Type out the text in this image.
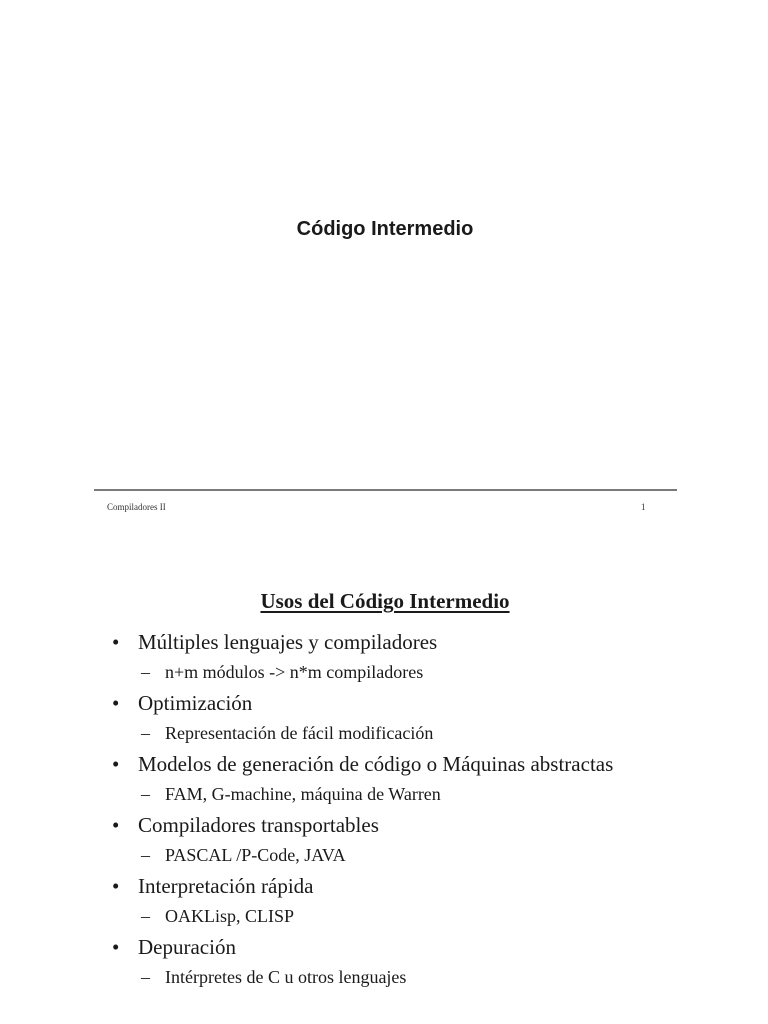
Código Intermedio
Compiladores II	1
Usos del Código Intermedio
• Múltiples lenguajes y compiladores
– n+m módulos -> n*m compiladores
• Optimización
– Representación de fácil modificación
• Modelos de generación de código o Máquinas abstractas
– FAM, G-machine, máquina de Warren
• Compiladores transportables
– PASCAL /P-Code, JAVA
• Interpretación rápida
– OAKLisp, CLISP
• Depuración
– Intérpretes de C u otros lenguajes
